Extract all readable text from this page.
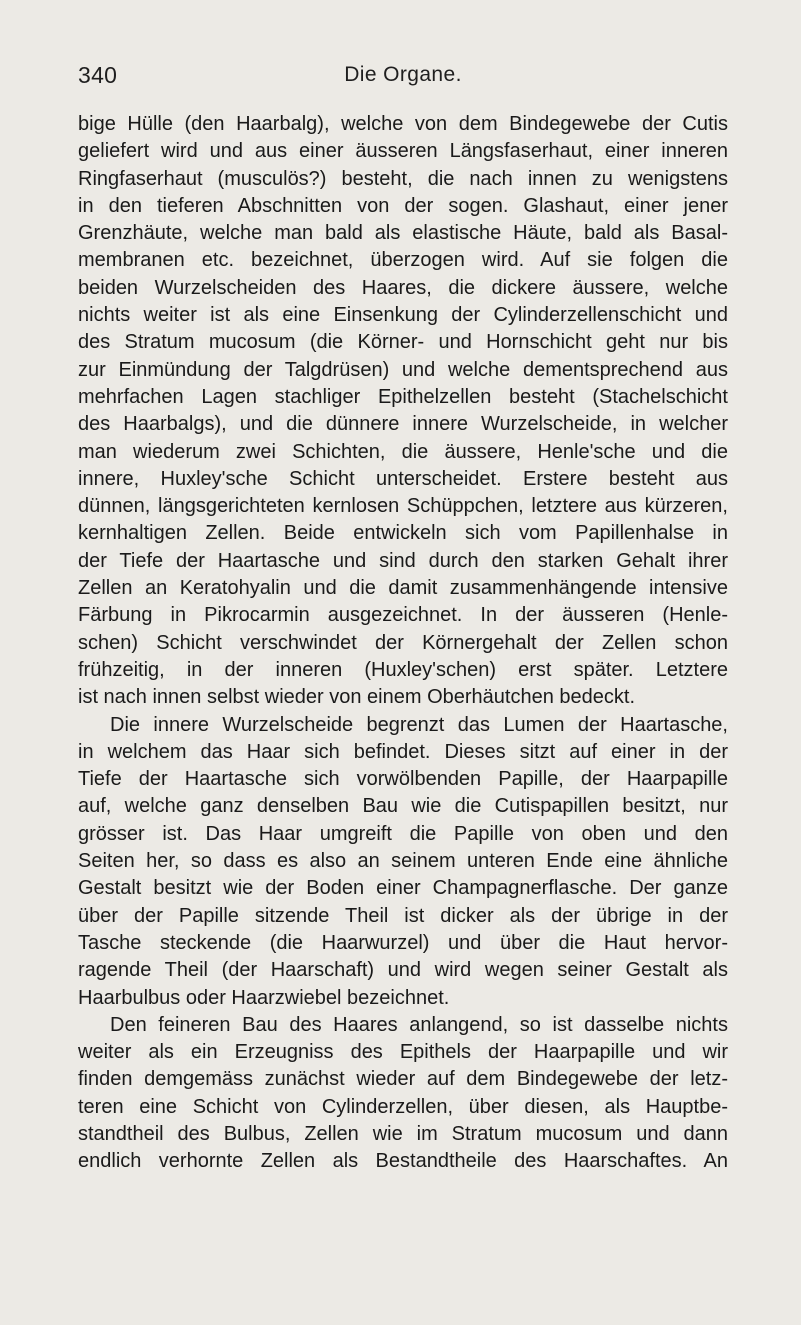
340	Die Organe.

bige Hülle (den Haarbalg), welche von dem Bindegewebe der Cutis

geliefert wird und aus einer äusseren Längsfaserhaut, einer inneren

Ringfaserhaut (musculös?) besteht, die nach innen zu wenigstens

in den tieferen Abschnitten von der sogen. Glashaut, einer jener

Grenzhäute, welche man bald als elastische Häute, bald als Basal-

membranen etc. bezeichnet, überzogen wird. Auf sie folgen die

beiden Wurzelscheiden des Haares, die dickere äussere, welche

nichts weiter ist als eine Einsenkung der Cylinderzellenschicht und

des Stratum mucosum (die Körner- und Hornschicht geht nur bis

zur Einmündung der Talgdrüsen) und welche dementsprechend aus

mehrfachen Lagen stachliger Epithelzellen besteht (Stachelschicht

des Haarbalgs), und die dünnere innere Wurzelscheide, in welcher

man wiederum zwei Schichten, die äussere, Henle'sche und die

innere, Huxley'sche Schicht unterscheidet. Erstere besteht aus

dünnen, längsgerichteten kernlosen Schüppchen, letztere aus kürzeren,

kernhaltigen Zellen. Beide entwickeln sich vom Papillenhalse in

der Tiefe der Haartasche und sind durch den starken Gehalt ihrer

Zellen an Keratohyalin und die damit zusammenhängende intensive

Färbung in Pikrocarmin ausgezeichnet. In der äusseren (Henle-

schen) Schicht verschwindet der Körnergehalt der Zellen schon

frühzeitig, in der inneren (Huxley'schen) erst später. Letztere

ist nach innen selbst wieder von einem Oberhäutchen bedeckt.

Die innere Wurzelscheide begrenzt das Lumen der Haartasche,

in welchem das Haar sich befindet. Dieses sitzt auf einer in der

Tiefe der Haartasche sich vorwölbenden Papille, der Haarpapille

auf, welche ganz denselben Bau wie die Cutispapillen besitzt, nur

grösser ist. Das Haar umgreift die Papille von oben und den

Seiten her, so dass es also an seinem unteren Ende eine ähnliche

Gestalt besitzt wie der Boden einer Champagnerflasche. Der ganze

über der Papille sitzende Theil ist dicker als der übrige in der

Tasche steckende (die Haarwurzel) und über die Haut hervor-

ragende Theil (der Haarschaft) und wird wegen seiner Gestalt als

Haarbulbus oder Haarzwiebel bezeichnet.

Den feineren Bau des Haares anlangend, so ist dasselbe nichts

weiter als ein Erzeugniss des Epithels der Haarpapille und wir

finden demgemäss zunächst wieder auf dem Bindegewebe der letz-

teren eine Schicht von Cylinderzellen, über diesen, als Hauptbe-

standtheil des Bulbus, Zellen wie im Stratum mucosum und dann

endlich verhornte Zellen als Bestandtheile des Haarschaftes. An
